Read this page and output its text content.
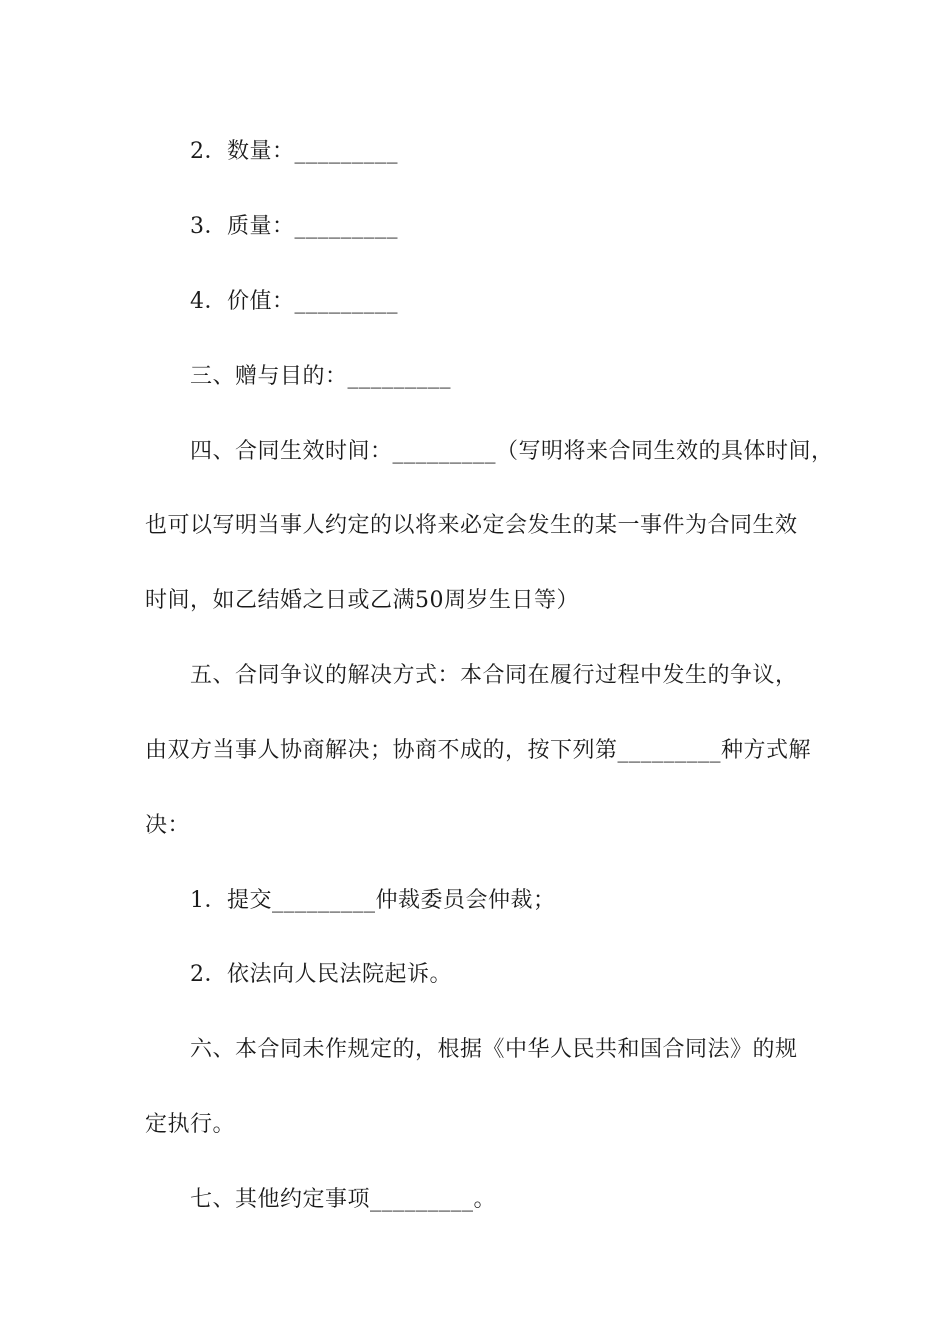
2．数量：_________
3．质量：_________
4．价值：_________
三、赠与目的：_________
四、合同生效时间：_________（写明将来合同生效的具体时间，
也可以写明当事人约定的以将来必定会发生的某一事件为合同生效
时间，如乙结婚之日或乙满50周岁生日等）
五、合同争议的解决方式：本合同在履行过程中发生的争议，
由双方当事人协商解决；协商不成的，按下列第_________种方式解
决：
1．提交_________仲裁委员会仲裁；
2．依法向人民法院起诉。
六、本合同未作规定的，根据《中华人民共和国合同法》的规
定执行。
七、其他约定事项_________。
